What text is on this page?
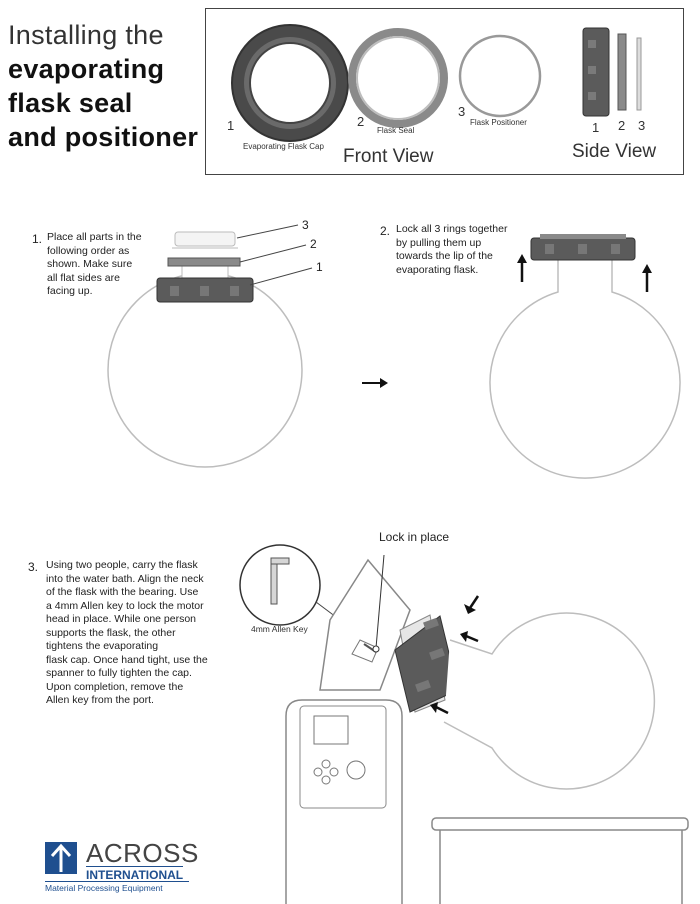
Installing the
evaporating
flask seal
and positioner 1
Evaporating Flask Cap
2
Flask Seal
3
Flask Positioner
Front View
1 2 3
Side View
1. Place all parts in the
following order as
shown. Make sure
all flat sides are
facing up.
3
2
1
2. Lock all 3 rings together
by pulling them up
towards the lip of the
evaporating flask.
3. Using two people, carry the flask
into the water bath. Align the neck
of the flask with the bearing. Use
a 4mm Allen key to lock the motor
head in place. While one person
supports the flask, the other
tightens the evaporating
flask cap. Once hand tight, use the
spanner to fully tighten the cap.
Upon completion, remove the
Allen key from the port.
Lock in place
4mm Allen Key
ACROSS
INTERNATIONAL
Material Processing Equipment
